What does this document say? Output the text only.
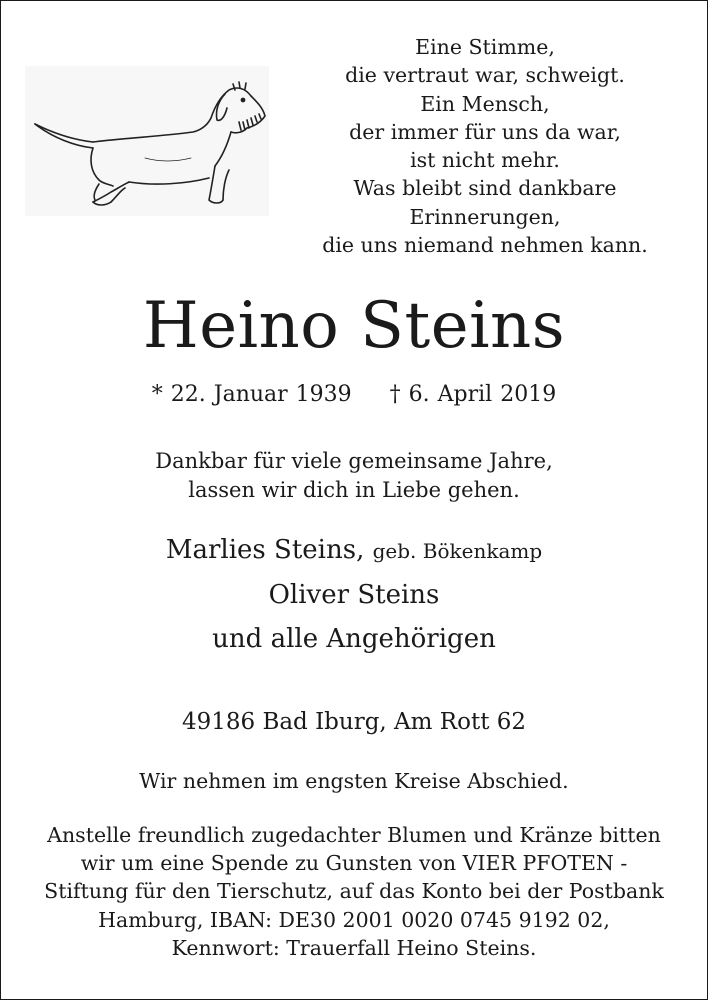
Eine Stimme,
die vertraut war, schweigt.
Ein Mensch,
der immer für uns da war,
ist nicht mehr.
Was bleibt sind dankbare
Erinnerungen,
die uns niemand nehmen kann.
Heino Steins
* 22. Januar 1939 † 6. April 2019
Dankbar für viele gemeinsame Jahre,
lassen wir dich in Liebe gehen.
Marlies Steins, geb. Bökenkamp
Oliver Steins
und alle Angehörigen
49186 Bad Iburg, Am Rott 62
Wir nehmen im engsten Kreise Abschied.
Anstelle freundlich zugedachter Blumen und Kränze bitten
wir um eine Spende zu Gunsten von VIER PFOTEN -
Stiftung für den Tierschutz, auf das Konto bei der Postbank
Hamburg, IBAN: DE30 2001 0020 0745 9192 02,
Kennwort: Trauerfall Heino Steins.
